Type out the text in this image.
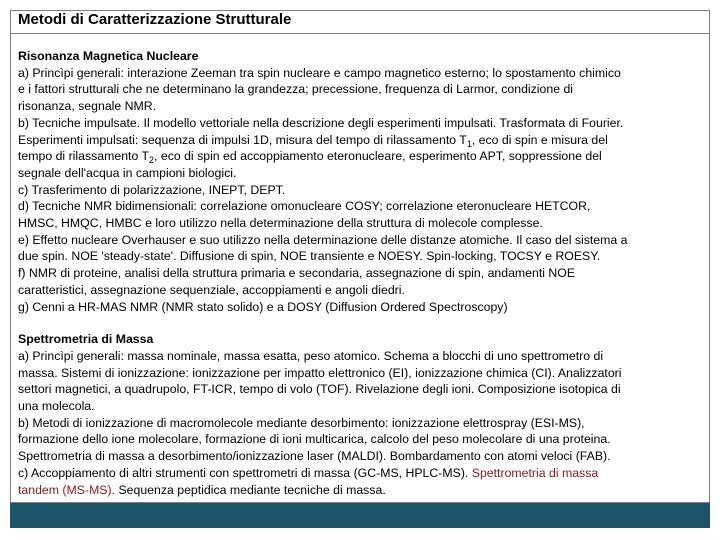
Metodi di Caratterizzazione Strutturale
Risonanza Magnetica Nucleare
a) Princìpi generali: interazione Zeeman tra spin nucleare e campo magnetico esterno; lo spostamento chimico
e i fattori strutturali che ne determinano la grandezza; precessione, frequenza di Larmor, condizione di
risonanza, segnale NMR.
b) Tecniche impulsate. Il modello vettoriale nella descrizione degli esperimenti impulsati. Trasformata di Fourier.
Esperimenti impulsati: sequenza di impulsi 1D, misura del tempo di rilassamento $T_1$, eco di spin e misura del
tempo di rilassamento $T_2$, eco di spin ed accoppiamento eteronucleare, esperimento APT, soppressione del
segnale dell'acqua in campioni biologici.
c) Trasferimento di polarizzazione, INEPT, DEPT.
d) Tecniche NMR bidimensionali: correlazione omonucleare COSY; correlazione eteronucleare HETCOR,
HMSC, HMQC, HMBC e loro utilizzo nella determinazione della struttura di molecole complesse.
e) Effetto nucleare Overhauser e suo utilizzo nella determinazione delle distanze atomiche. Il caso del sistema a
due spin. NOE 'steady-state'. Diffusione di spin, NOE transiente e NOESY. Spin-locking, TOCSY e ROESY.
f) NMR di proteine, analisi della struttura primaria e secondaria, assegnazione di spin, andamenti NOE
caratteristici, assegnazione sequenziale, accoppiamenti e angoli diedri.
g) Cenni a HR-MAS NMR (NMR stato solido) e a DOSY (Diffusion Ordered Spectroscopy)
Spettrometria di Massa
a) Princìpi generali: massa nominale, massa esatta, peso atomico. Schema a blocchi di uno spettrometro di
massa. Sistemi di ionizzazione: ionizzazione per impatto elettronico (EI), ionizzazione chimica (CI). Analizzatori
settori magnetici, a quadrupolo, FT-ICR, tempo di volo (TOF). Rivelazione degli ioni. Composizione isotopica di
una molecola.
b) Metodi di ionizzazione di macromolecole mediante desorbimento: ionizzazione elettrospray (ESI-MS),
formazione dello ione molecolare, formazione di ioni multicarica, calcolo del peso molecolare di una proteina.
Spettrometria di massa a desorbimento/ionizzazione laser (MALDI). Bombardamento con atomi veloci (FAB).
c) Accoppiamento di altri strumenti con spettrometri di massa (GC-MS, HPLC-MS). Spettrometria di massa
tandem (MS-MS). Sequenza peptidica mediante tecniche di massa.
